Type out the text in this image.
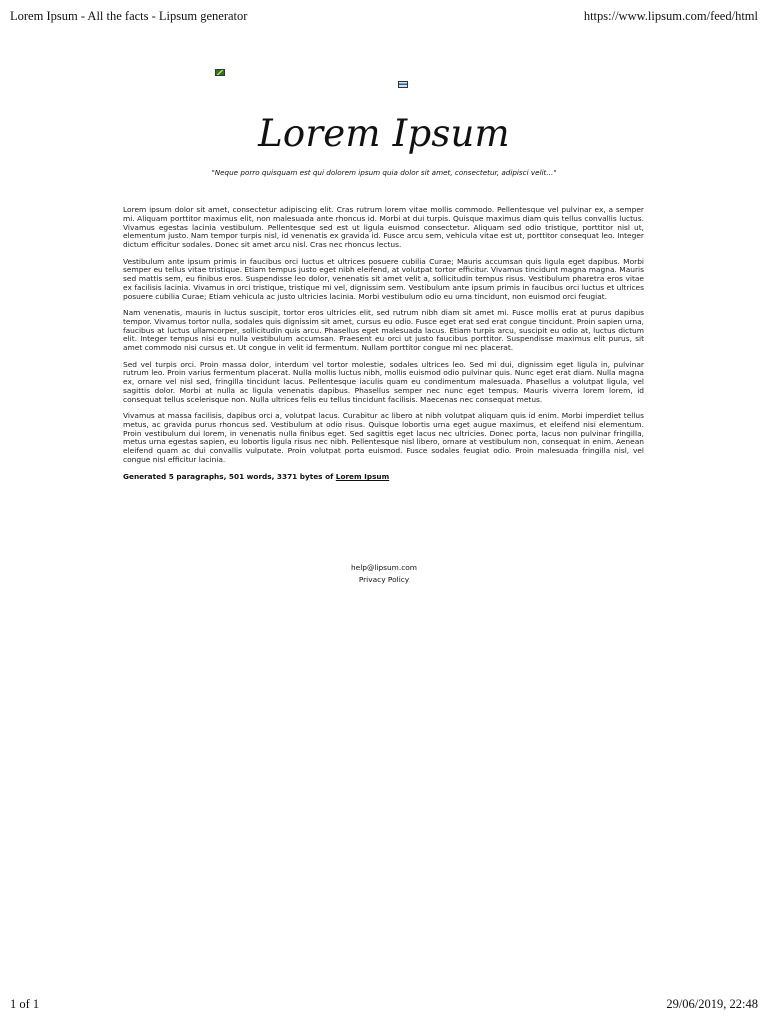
Lorem Ipsum - All the facts - Lipsum generator	https://www.lipsum.com/feed/html
Lorem Ipsum
"Neque porro quisquam est qui dolorem ipsum quia dolor sit amet, consectetur, adipisci velit..."

Lorem ipsum dolor sit amet, consectetur adipiscing elit. Cras rutrum lorem vitae mollis commodo. Pellentesque vel pulvinar ex, a semper mi. Aliquam porttitor maximus elit, non malesuada ante rhoncus id. Morbi at dui turpis. Quisque maximus diam quis tellus convallis luctus. Vivamus egestas lacinia vestibulum. Pellentesque sed est ut ligula euismod consectetur. Aliquam sed odio tristique, porttitor nisl ut, elementum justo. Nam tempor turpis nisl, id venenatis ex gravida id. Fusce arcu sem, vehicula vitae est ut, porttitor consequat leo. Integer dictum efficitur sodales. Donec sit amet arcu nisl. Cras nec rhoncus lectus.

Vestibulum ante ipsum primis in faucibus orci luctus et ultrices posuere cubilia Curae; Mauris accumsan quis ligula eget dapibus. Morbi semper eu tellus vitae tristique. Etiam tempus justo eget nibh eleifend, at volutpat tortor efficitur. Vivamus tincidunt magna magna. Mauris sed mattis sem, eu finibus eros. Suspendisse leo dolor, venenatis sit amet velit a, sollicitudin tempus risus. Vestibulum pharetra eros vitae ex facilisis lacinia. Vivamus in orci tristique, tristique mi vel, dignissim sem. Vestibulum ante ipsum primis in faucibus orci luctus et ultrices posuere cubilia Curae; Etiam vehicula ac justo ultricies lacinia. Morbi vestibulum odio eu urna tincidunt, non euismod orci feugiat.

Nam venenatis, mauris in luctus suscipit, tortor eros ultricies elit, sed rutrum nibh diam sit amet mi. Fusce mollis erat at purus dapibus tempor. Vivamus tortor nulla, sodales quis dignissim sit amet, cursus eu odio. Fusce eget erat sed erat congue tincidunt. Proin sapien urna, faucibus at luctus ullamcorper, sollicitudin quis arcu. Phasellus eget malesuada lacus. Etiam turpis arcu, suscipit eu odio at, luctus dictum elit. Integer tempus nisi eu nulla vestibulum accumsan. Praesent eu orci ut justo faucibus porttitor. Suspendisse maximus elit purus, sit amet commodo nisi cursus et. Ut congue in velit id fermentum. Nullam porttitor congue mi nec placerat.

Sed vel turpis orci. Proin massa dolor, interdum vel tortor molestie, sodales ultrices leo. Sed mi dui, dignissim eget ligula in, pulvinar rutrum leo. Proin varius fermentum placerat. Nulla mollis luctus nibh, mollis euismod odio pulvinar quis. Nunc eget erat diam. Nulla magna ex, ornare vel nisl sed, fringilla tincidunt lacus. Pellentesque iaculis quam eu condimentum malesuada. Phasellus a volutpat ligula, vel sagittis dolor. Morbi at nulla ac ligula venenatis dapibus. Phasellus semper nec nunc eget tempus. Mauris viverra lorem lorem, id consequat tellus scelerisque non. Nulla ultrices felis eu tellus tincidunt facilisis. Maecenas nec consequat metus.

Vivamus at massa facilisis, dapibus orci a, volutpat lacus. Curabitur ac libero at nibh volutpat aliquam quis id enim. Morbi imperdiet tellus metus, ac gravida purus rhoncus sed. Vestibulum at odio risus. Quisque lobortis urna eget augue maximus, et eleifend nisi elementum. Proin vestibulum dui lorem, in venenatis nulla finibus eget. Sed sagittis eget lacus nec ultricies. Donec porta, lacus non pulvinar fringilla, metus urna egestas sapien, eu lobortis ligula risus nec nibh. Pellentesque nisl libero, ornare at vestibulum non, consequat in enim. Aenean eleifend quam ac dui convallis vulputate. Proin volutpat porta euismod. Fusce sodales feugiat odio. Proin malesuada fringilla nisl, vel congue nisl efficitur lacinia.

Generated 5 paragraphs, 501 words, 3371 bytes of Lorem Ipsum
help@lipsum.com
Privacy Policy
1 of 1	29/06/2019, 22:48
